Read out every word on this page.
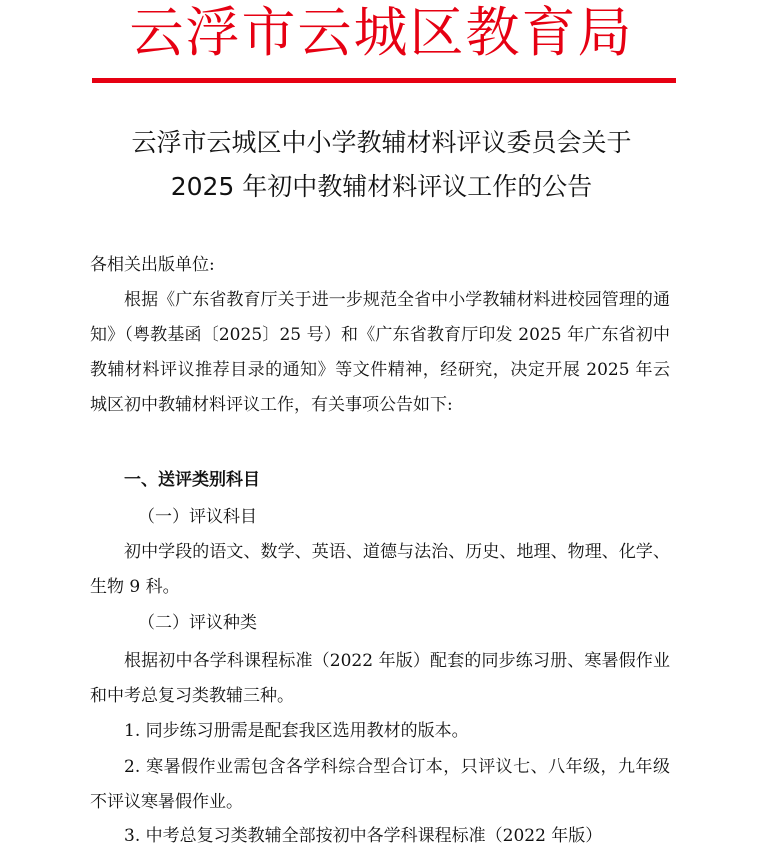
云浮市云城区教育局
云浮市云城区中小学教辅材料评议委员会关于
2025 年初中教辅材料评议工作的公告
各相关出版单位:
根据《广东省教育厅关于进一步规范全省中小学教辅材料进校园管理的通知》（粤教基函〔2025〕25 号）和《广东省教育厅印发 2025 年广东省初中教辅材料评议推荐目录的通知》等文件精神，经研究，决定开展 2025 年云城区初中教辅材料评议工作，有关事项公告如下:
一、送评类别科目
（一）评议科目
初中学段的语文、数学、英语、道德与法治、历史、地理、物理、化学、生物 9 科。
（二）评议种类
根据初中各学科课程标准（2022 年版）配套的同步练习册、寒暑假作业和中考总复习类教辅三种。
1. 同步练习册需是配套我区选用教材的版本。
2. 寒暑假作业需包含各学科综合型合订本，只评议七、八年级，九年级不评议寒暑假作业。
3. 中考总复习类教辅全部按初中各学科课程标准（2022 年版）
